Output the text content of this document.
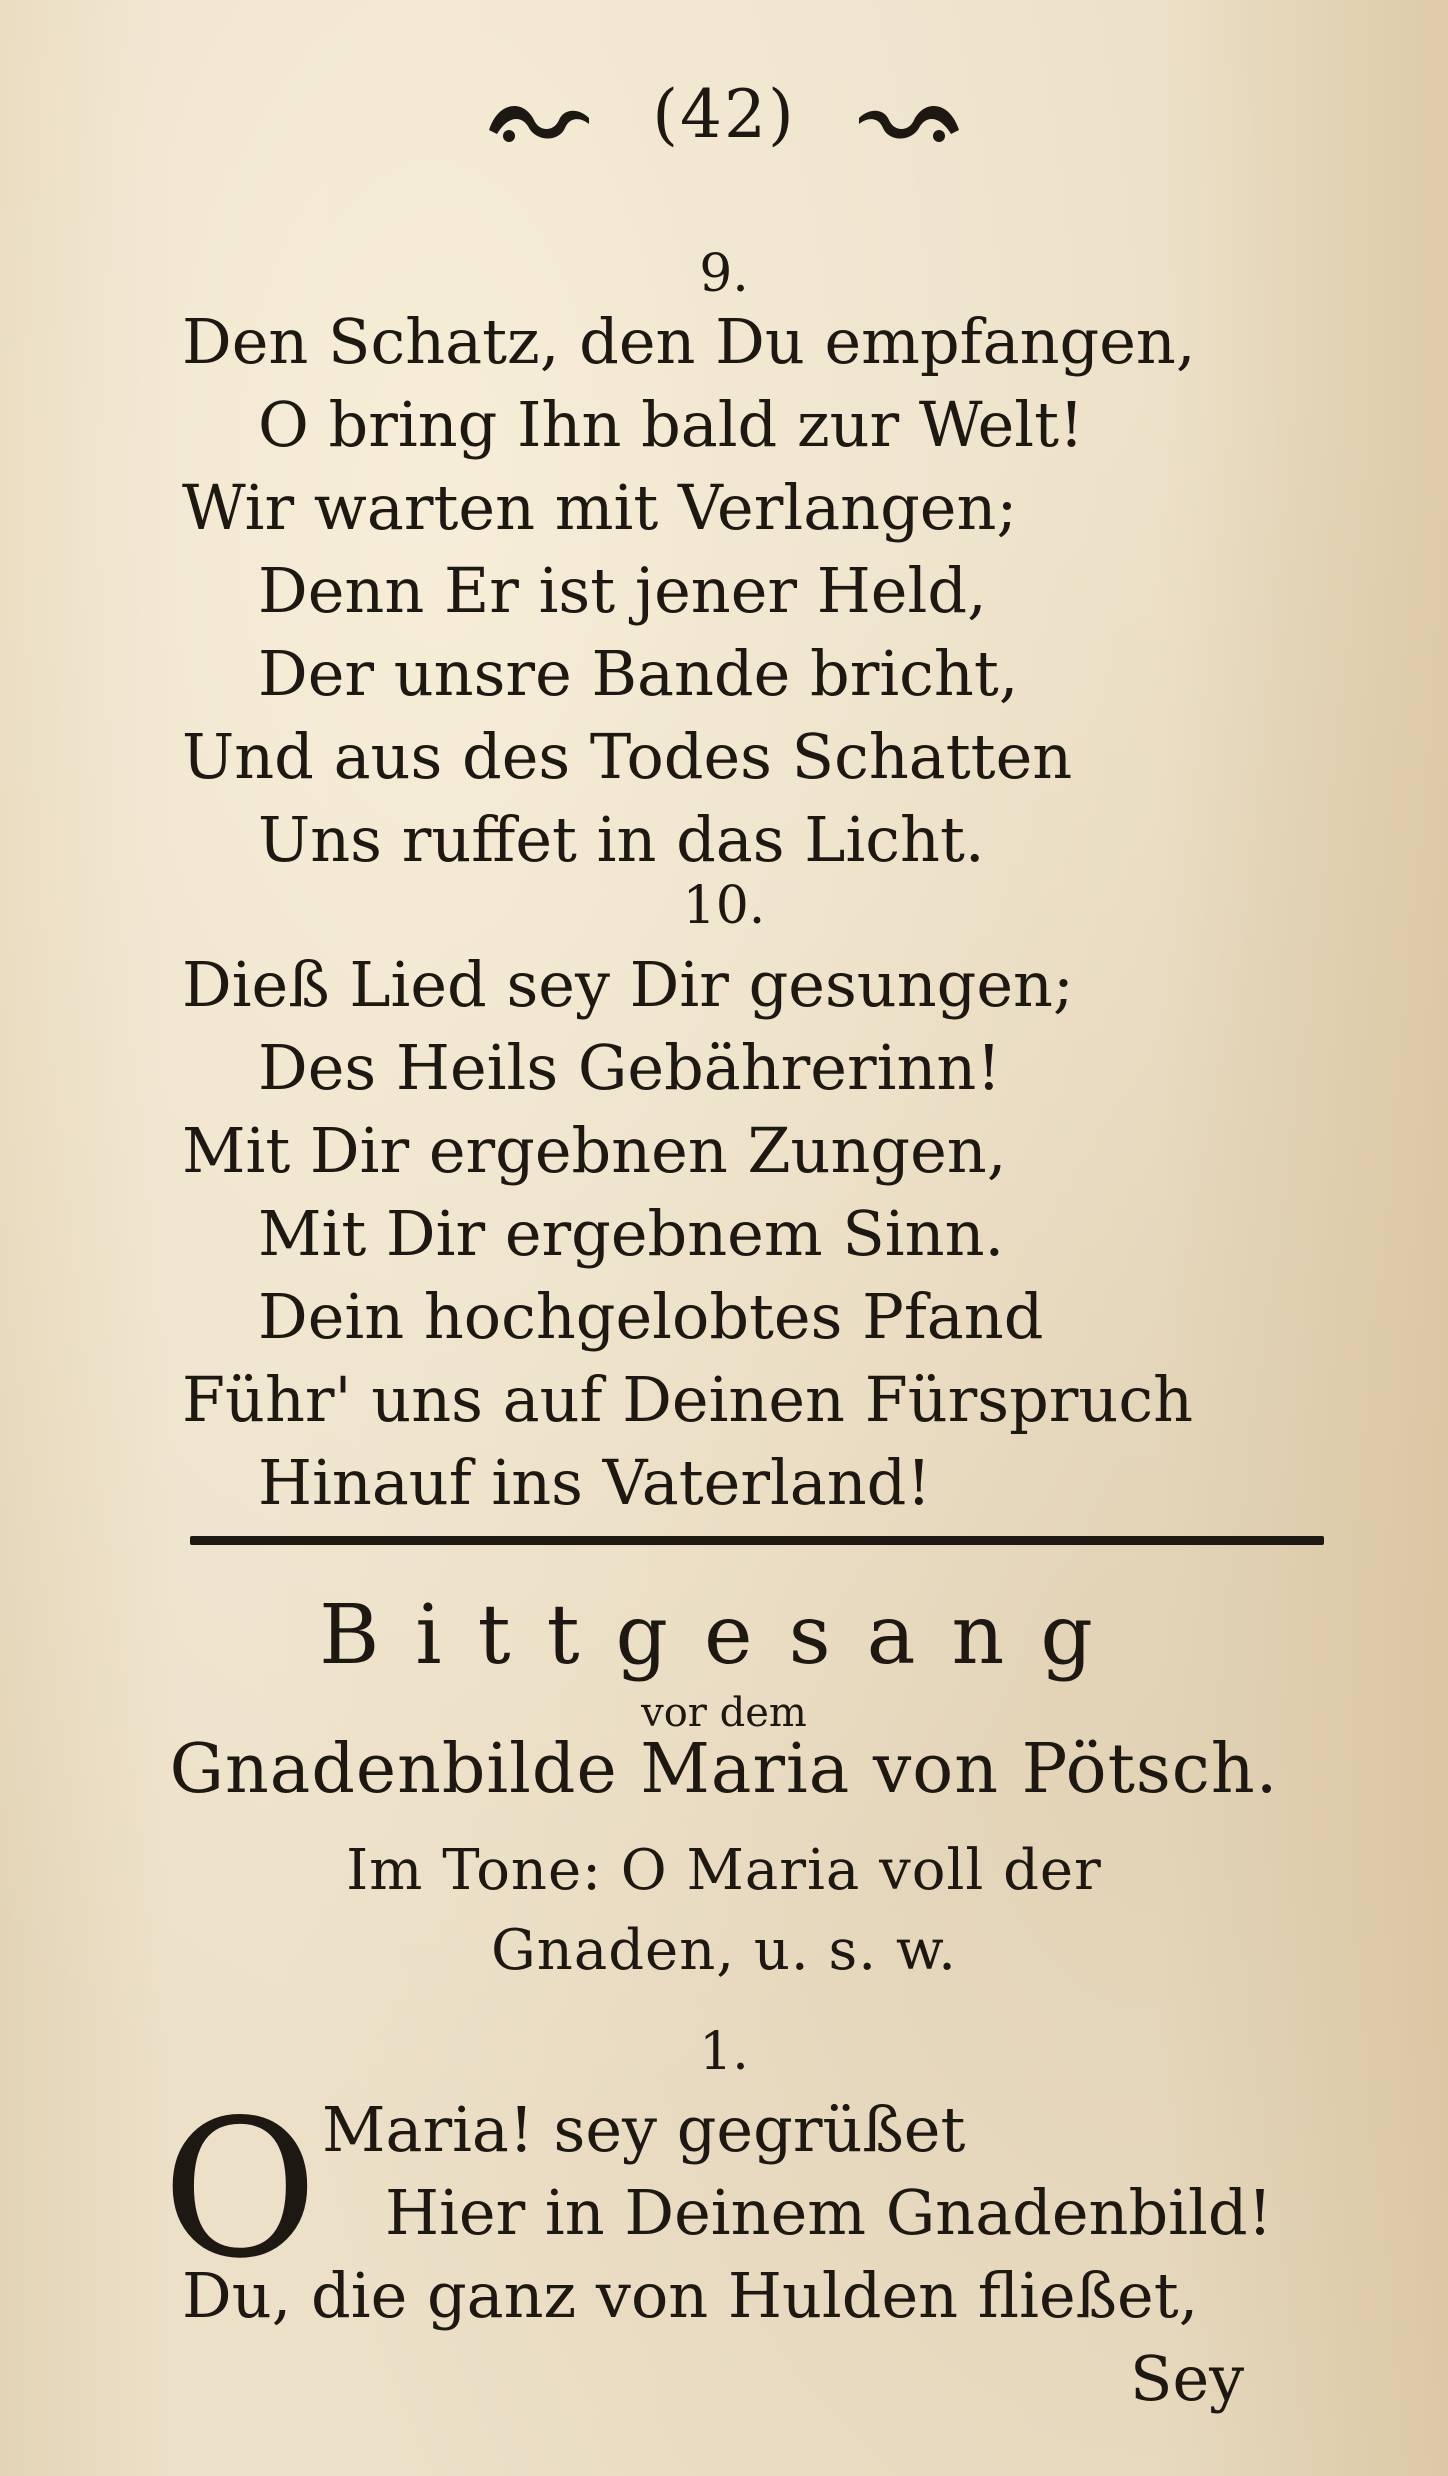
(42)
9.
Den Schatz, den Du empfangen,
O bring Ihn bald zur Welt!
Wir warten mit Verlangen;
Denn Er ist jener Held,
Der unsre Bande bricht,
Und aus des Todes Schatten
Uns ruffet in das Licht.
10.
Dieß Lied sey Dir gesungen;
Des Heils Gebährerinn!
Mit Dir ergebnen Zungen,
Mit Dir ergebnem Sinn.
Dein hochgelobtes Pfand
Führ' uns auf Deinen Fürspruch
Hinauf ins Vaterland!
Bittgesang
vor dem
Gnadenbilde Maria von Pötsch.
Im Tone: O Maria voll der
Gnaden, u. s. w.
1.
O Maria! sey gegrüßet
Hier in Deinem Gnadenbild!
Du, die ganz von Hulden fließet,
Sey
